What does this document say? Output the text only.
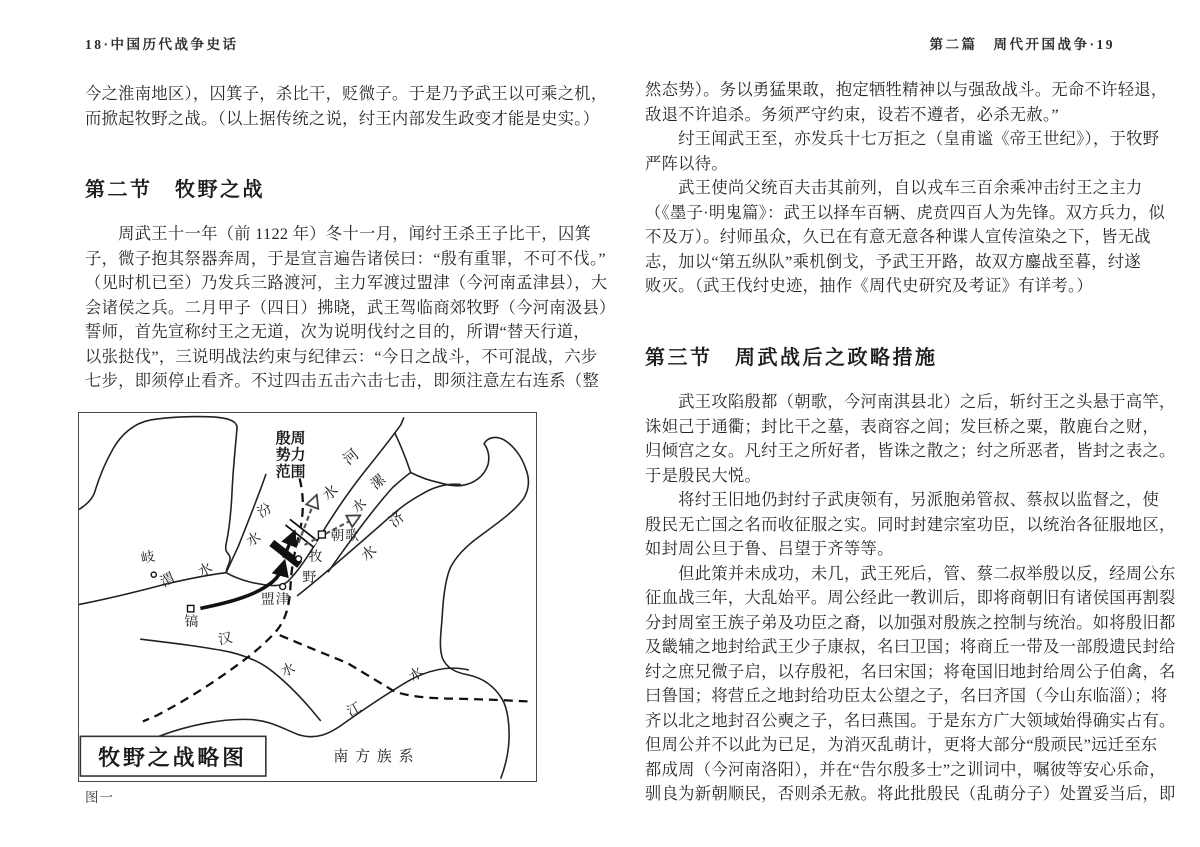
18·中国历代战争史话
今之淮南地区），囚箕子，杀比干，贬微子。于是乃予武王以可乘之机，
而掀起牧野之战。（以上据传统之说，纣王内部发生政变才能是史实。）
第二节　牧野之战
　　周武王十一年（前 1122 年）冬十一月，闻纣王杀王子比干，囚箕
子，微子抱其祭器奔周，于是宣言遍告诸侯曰：“殷有重罪，不可不伐。”
（见时机已至）乃发兵三路渡河，主力军渡过盟津（今河南孟津县），大
会诸侯之兵。二月甲子（四日）拂晓，武王驾临商郊牧野（今河南汲县）
誓师，首先宣称纣王之无道，次为说明伐纣之目的，所谓“替天行道，
以张挞伐”，三说明战法约束与纪律云：“今日之战斗，不可混战，六步
七步，即须停止看齐。不过四击五击六击七击，即须注意左右连系（整
殷周
势力
范围
河
水 漯
水
济
水
汾
水
岐
渭
水
镐
盟津
朝歌
牧
野
汉
水
江
水
南方族系
牧野之战略图
图一
第二篇　周代开国战争·19
然态势）。务以勇猛果敢，抱定牺牲精神以与强敌战斗。无命不许轻退，
敌退不许追杀。务须严守约束，设若不遵者，必杀无赦。”
　　纣王闻武王至，亦发兵十七万拒之（皇甫谧《帝王世纪》），于牧野
严阵以待。
　　武王使尚父统百夫击其前列，自以戎车三百余乘冲击纣王之主力
（《墨子·明鬼篇》：武王以择车百辆、虎贲四百人为先锋。双方兵力，似
不及万）。纣师虽众，久已在有意无意各种谍人宣传渲染之下，皆无战
志，加以“第五纵队”乘机倒戈，予武王开路，故双方鏖战至暮，纣遂
败灭。（武王伐纣史迹，抽作《周代史研究及考证》有详考。）
第三节　周武战后之政略措施
　　武王攻陷殷都（朝歌，今河南淇县北）之后，斩纣王之头悬于高竿，
诛妲己于通衢；封比干之墓，表商容之闾；发巨桥之粟，散鹿台之财，
归倾宫之女。凡纣王之所好者，皆诛之散之；纣之所恶者，皆封之表之。
于是殷民大悦。
　　将纣王旧地仍封纣子武庚领有，另派胞弟管叔、蔡叔以监督之，使
殷民无亡国之名而收征服之实。同时封建宗室功臣，以统治各征服地区，
如封周公旦于鲁、吕望于齐等等。
　　但此策并未成功，未几，武王死后，管、蔡二叔举殷以反，经周公东
征血战三年，大乱始平。周公经此一教训后，即将商朝旧有诸侯国再割裂
分封周室王族子弟及功臣之裔，以加强对殷族之控制与统治。如将殷旧都
及畿辅之地封给武王少子康叔，名曰卫国；将商丘一带及一部殷遗民封给
纣之庶兄微子启，以存殷祀，名曰宋国；将奄国旧地封给周公子伯禽，名
曰鲁国；将营丘之地封给功臣太公望之子，名曰齐国（今山东临淄）；将
齐以北之地封召公奭之子，名曰燕国。于是东方广大领域始得确实占有。
但周公并不以此为已足，为消灭乱萌计，更将大部分“殷顽民”远迁至东
都成周（今河南洛阳），并在“告尔殷多士”之训词中，嘱彼等安心乐命，
驯良为新朝顺民，否则杀无赦。将此批殷民（乱萌分子）处置妥当后，即
